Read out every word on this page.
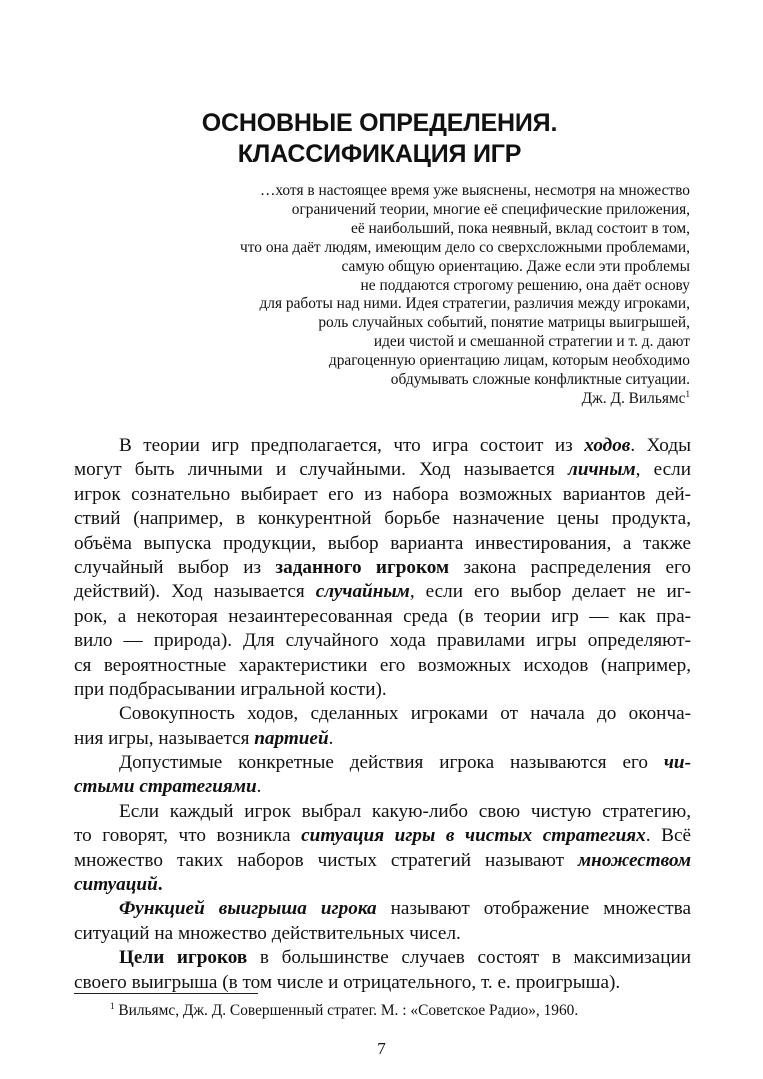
ОСНОВНЫЕ ОПРЕДЕЛЕНИЯ.
КЛАССИФИКАЦИЯ ИГР
…хотя в настоящее время уже выяснены, несмотря на множество
ограничений теории, многие её специфические приложения,
её наибольший, пока неявный, вклад состоит в том,
что она даёт людям, имеющим дело со сверхсложными проблемами,
самую общую ориентацию. Даже если эти проблемы
не поддаются строгому решению, она даёт основу
для работы над ними. Идея стратегии, различия между игроками,
роль случайных событий, понятие матрицы выигрышей,
идеи чистой и смешанной стратегии и т. д. дают
драгоценную ориентацию лицам, которым необходимо
обдумывать сложные конфликтные ситуации.
Дж. Д. Вильямс$^1$
В теории игр предполагается, что игра состоит из ходов. Ходы
могут быть личными и случайными. Ход называется личным, если
игрок сознательно выбирает его из набора возможных вариантов дей-
ствий (например, в конкурентной борьбе назначение цены продукта,
объёма выпуска продукции, выбор варианта инвестирования, а также
случайный выбор из заданного игроком закона распределения его
действий). Ход называется случайным, если его выбор делает не иг-
рок, а некоторая незаинтересованная среда (в теории игр — как пра-
вило — природа). Для случайного хода правилами игры определяют-
ся вероятностные характеристики его возможных исходов (например,
при подбрасывании игральной кости).
Совокупность ходов, сделанных игроками от начала до оконча-
ния игры, называется партией.
Допустимые конкретные действия игрока называются его чи-
стыми стратегиями.
Если каждый игрок выбрал какую-либо свою чистую стратегию,
то говорят, что возникла ситуация игры в чистых стратегиях. Всё
множество таких наборов чистых стратегий называют множеством
ситуаций.
Функцией выигрыша игрока называют отображение множества
ситуаций на множество действительных чисел.
Цели игроков в большинстве случаев состоят в максимизации
своего выигрыша (в том числе и отрицательного, т. е. проигрыша).
$^1$ Вильямс, Дж. Д. Совершенный стратег. М. : «Советское Радио», 1960.
7
